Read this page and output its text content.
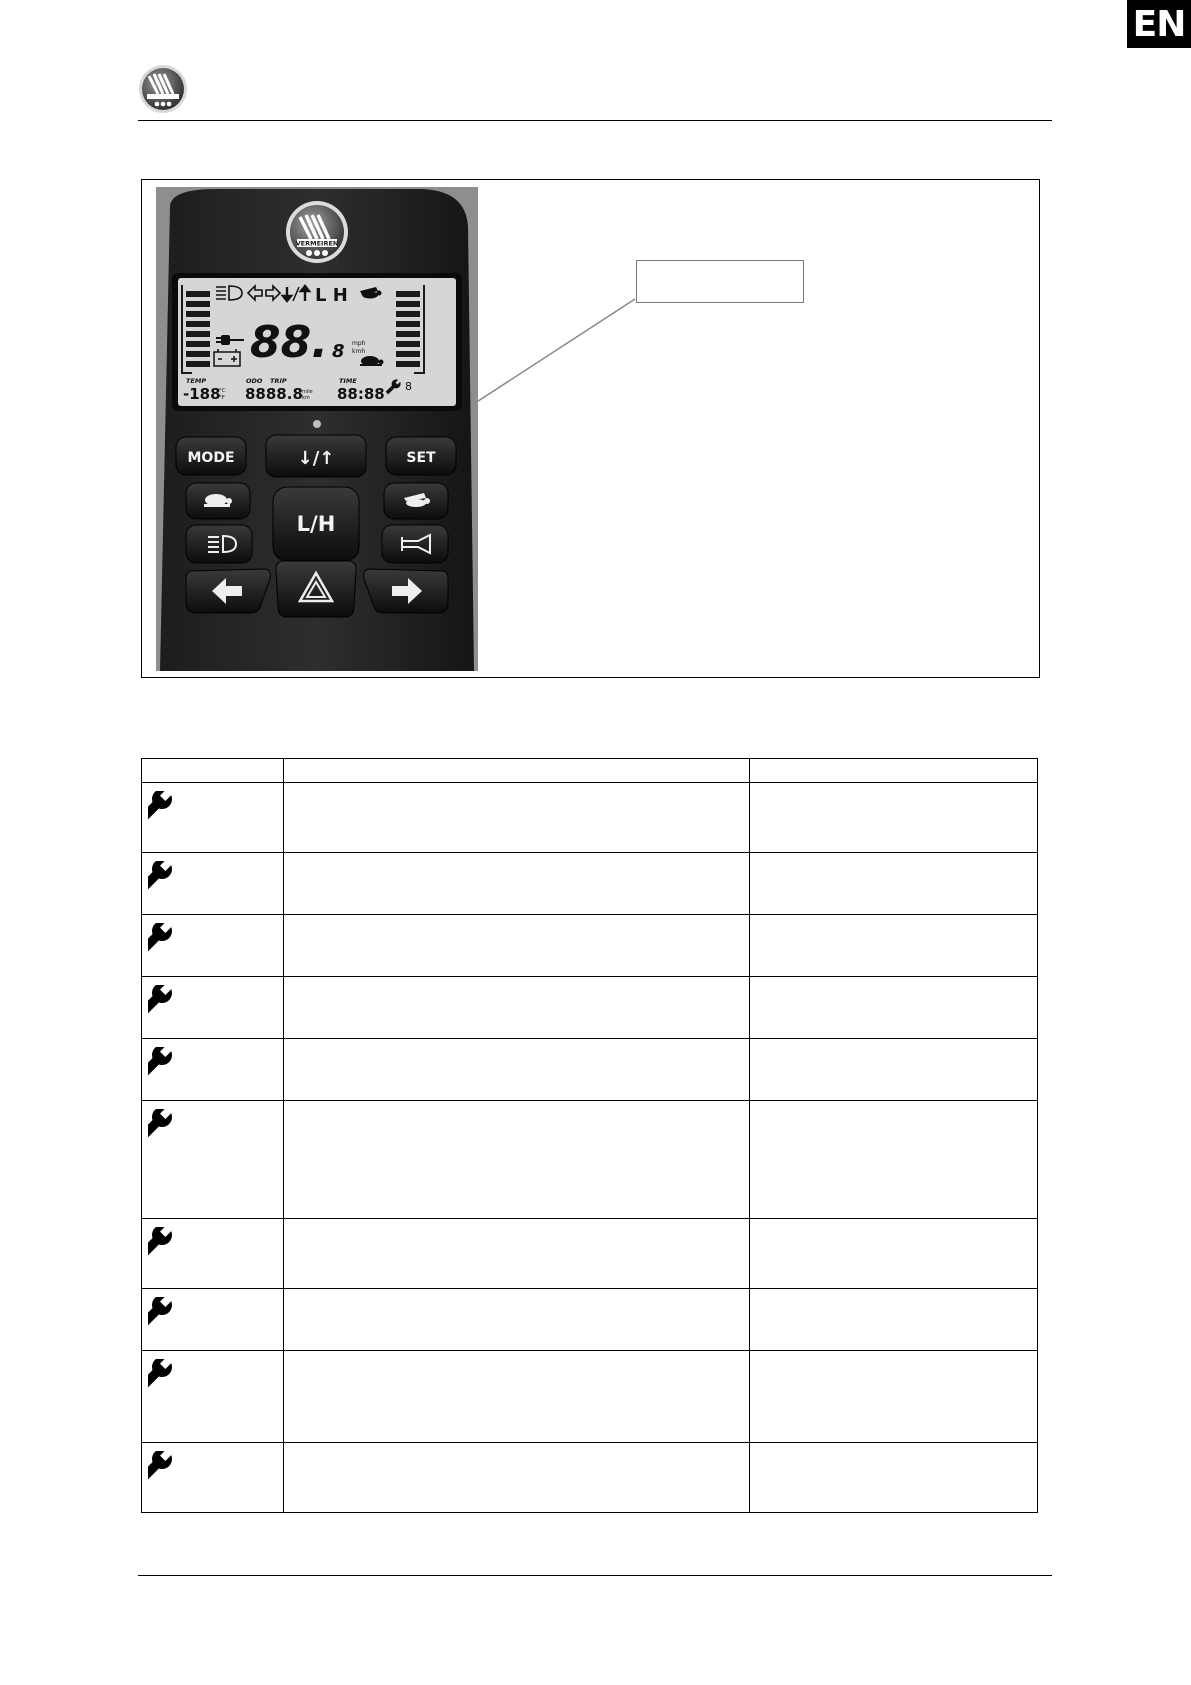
EN
VERMEIREN
L H
88. 8 mph
kmh
TEMP
-188
°C
°F
ODO TRIP
8888.8 mile
km
TIME
88:88 8
MODE	↓/↑	SET
L/H
